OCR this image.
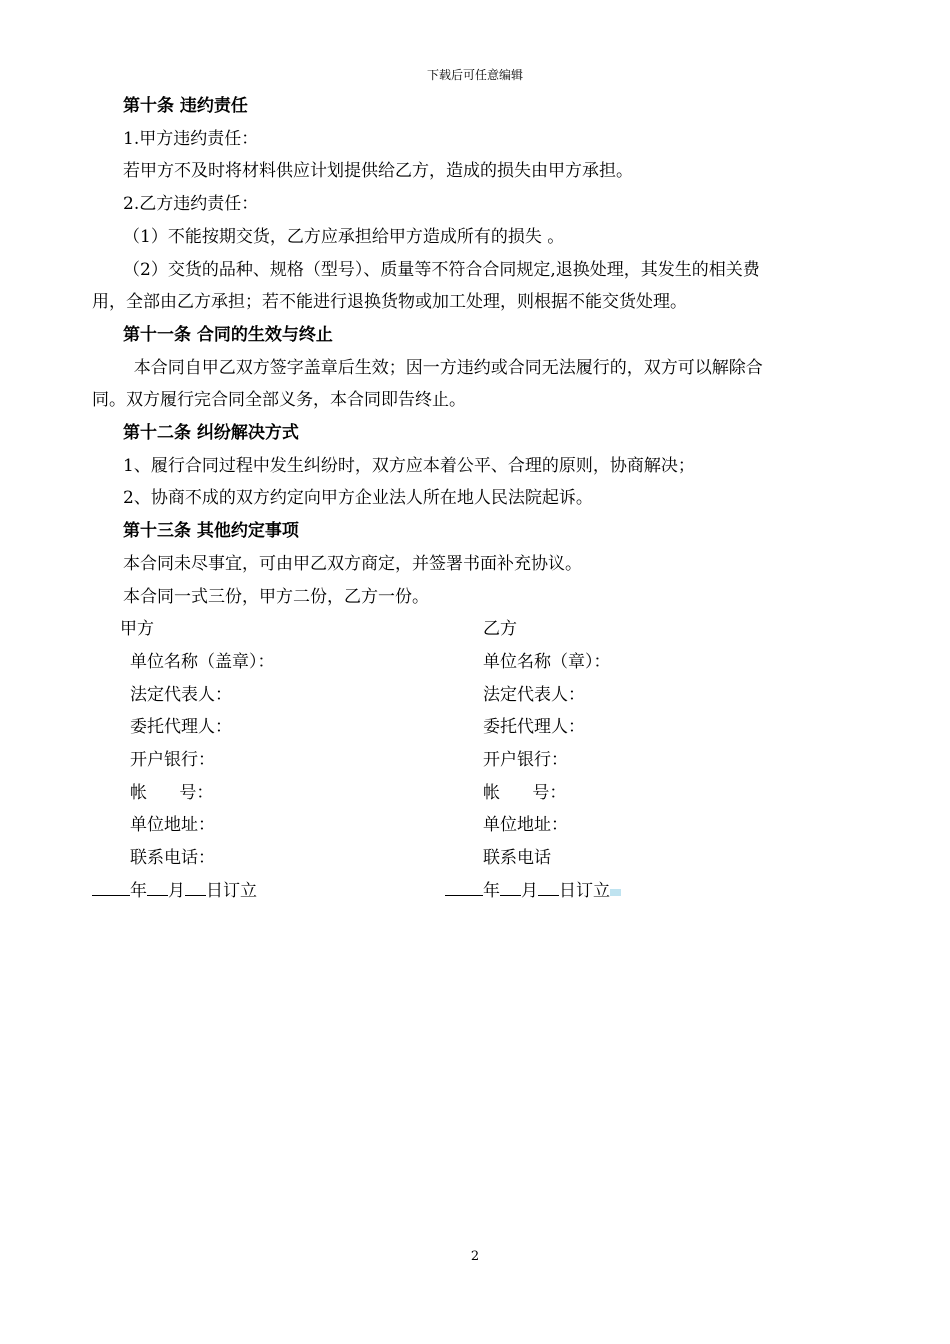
下载后可任意编辑

第十条 违约责任

1.甲方违约责任：

若甲方不及时将材料供应计划提供给乙方，造成的损失由甲方承担。

2.乙方违约责任：

（1）不能按期交货，乙方应承担给甲方造成所有的损失 。

（2）交货的品种、规格（型号）、质量等不符合合同规定,退换处理，其发生的相关费

用，全部由乙方承担；若不能进行退换货物或加工处理，则根据不能交货处理。

第十一条 合同的生效与终止

本合同自甲乙双方签字盖章后生效；因一方违约或合同无法履行的，双方可以解除合

同。双方履行完合同全部义务，本合同即告终止。

第十二条 纠纷解决方式

1、履行合同过程中发生纠纷时，双方应本着公平、合理的原则，协商解决；

2、协商不成的双方约定向甲方企业法人所在地人民法院起诉。

第十三条 其他约定事项

本合同未尽事宜，可由甲乙双方商定，并签署书面补充协议。

本合同一式三份，甲方二份，乙方一份。

甲方	乙方
单位名称（盖章）：	单位名称（章）：
法定代表人：	法定代表人：
委托代理人：	委托代理人：
开户银行：	开户银行：
帐      号：	帐      号：
单位地址：	单位地址：
联系电话：	联系电话
年 月 日订立	年 月 日订立
2
